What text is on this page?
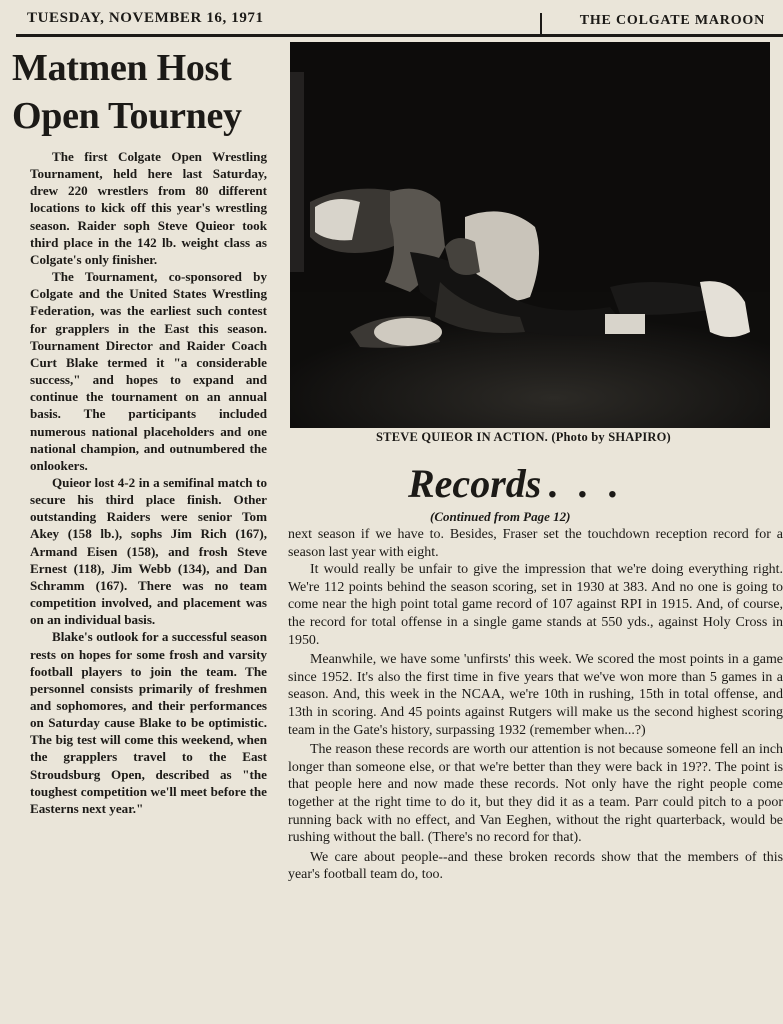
TUESDAY, NOVEMBER 16, 1971	THE COLGATE MAROON
Matmen Host
Open Tourney

The first Colgate Open Wrestling Tournament, held here last Saturday, drew 220 wrestlers from 80 different locations to kick off this year's wrestling season. Raider soph Steve Quieor took third place in the 142 lb. weight class as Colgate's only finisher.

The Tournament, co-sponsored by Colgate and the United States Wrestling Federation, was the earliest such contest for grapplers in the East this season. Tournament Director and Raider Coach Curt Blake termed it "a considerable success," and hopes to expand and continue the tournament on an annual basis. The participants included numerous national placeholders and one national champion, and outnumbered the onlookers.

Quieor lost 4-2 in a semifinal match to secure his third place finish. Other outstanding Raiders were senior Tom Akey (158 lb.), sophs Jim Rich (167), Armand Eisen (158), and frosh Steve Ernest (118), Jim Webb (134), and Dan Schramm (167). There was no team competition involved, and placement was on an individual basis.

Blake's outlook for a successful season rests on hopes for some frosh and varsity football players to join the team. The personnel consists primarily of freshmen and sophomores, and their performances on Saturday cause Blake to be optimistic. The big test will come this weekend, when the grapplers travel to the East Stroudsburg Open, described as "the toughest competition we'll meet before the Easterns next year."

STEVE QUIEOR IN ACTION. (Photo by SHAPIRO)
Records . . .
(Continued from Page 12)

next season if we have to. Besides, Fraser set the touchdown reception record for a season last year with eight.

It would really be unfair to give the impression that we're doing everything right. We're 112 points behind the season scoring, set in 1930 at 383. And no one is going to come near the high point total game record of 107 against RPI in 1915. And, of course, the record for total offense in a single game stands at 550 yds., against Holy Cross in 1950.

Meanwhile, we have some 'unfirsts' this week. We scored the most points in a game since 1952. It's also the first time in five years that we've won more than 5 games in a season. And, this week in the NCAA, we're 10th in rushing, 15th in total offense, and 13th in scoring. And 45 points against Rutgers will make us the second highest scoring team in the Gate's history, surpassing 1932 (remember when...?)

The reason these records are worth our attention is not because someone fell an inch longer than someone else, or that we're better than they were back in 19??. The point is that people here and now made these records. Not only have the right people come together at the right time to do it, but they did it as a team. Parr could pitch to a poor running back with no effect, and Van Eeghen, without the right quarterback, would be rushing without the ball. (There's no record for that).

We care about people--and these broken records show that the members of this year's football team do, too.
